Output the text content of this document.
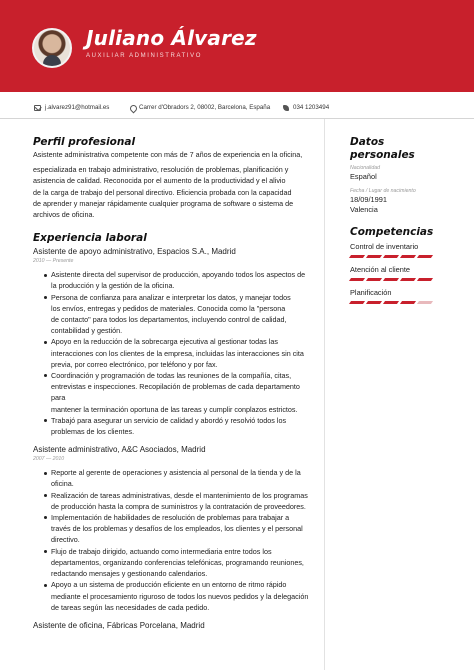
Juliano Álvarez
AUXILIAR ADMINISTRATIVO
j.alvarez91@hotmail.es	Carrer d'Obradors 2, 08002, Barcelona, España	034 1203494
Perfil profesional
Asistente administrativa competente con más de 7 años de experiencia en la oficina,
especializada en trabajo administrativo, resolución de problemas, planificación y
asistencia de calidad. Reconocida por el aumento de la productividad y el alivio
de la carga de trabajo del personal directivo. Eficiencia probada con la capacidad
de aprender y manejar rápidamente cualquier programa de software o sistema de
archivos de oficina.
Experiencia laboral
Asistente de apoyo administrativo, Espacios S.A., Madrid
2010 — Presente
Asistente directa del supervisor de producción, apoyando todos los aspectos de
la producción y la gestión de la oficina.
Persona de confianza para analizar e interpretar los datos, y manejar todos
los envíos, entregas y pedidos de materiales. Conocida como la "persona
de contacto" para todos los departamentos, incluyendo control de calidad,
contabilidad y gestión.
Apoyo en la reducción de la sobrecarga ejecutiva al gestionar todas las
interacciones con los clientes de la empresa, incluidas las interacciones sin cita
previa, por correo electrónico, por teléfono y por fax.
Coordinación y programación de todas las reuniones de la compañía, citas,
entrevistas e inspecciones. Recopilación de problemas de cada departamento para
mantener la terminación oportuna de las tareas y cumplir conplazos estrictos.
Trabajó para asegurar un servicio de calidad y abordó y resolvió todos los
problemas de los clientes.
Asistente administrativo, A&C Asociados, Madrid
2007 — 2010
Reporte al gerente de operaciones y asistencia al personal de la tienda y de la
oficina.
Realización de tareas administrativas, desde el mantenimiento de los programas
de producción hasta la compra de suministros y la contratación de proveedores.
Implementación de habilidades de resolución de problemas para trabajar a
través de los problemas y desafíos de los empleados, los clientes y el personal
directivo.
Flujo de trabajo dirigido, actuando como intermediaria entre todos los
departamentos, organizando conferencias telefónicas, programando reuniones,
redactando mensajes y gestionando calendarios.
Apoyo a un sistema de producción eficiente en un entorno de ritmo rápido
mediante el procesamiento riguroso de todos los nuevos pedidos y la delegación
de tareas según las necesidades de cada pedido.
Asistente de oficina, Fábricas Porcelana, Madrid
Datos personales
Nacionalidad
Español
Fecha / Lugar de nacimiento
18/09/1991
Valencia
Competencias
Control de inventario
Atención al cliente
Planificación
